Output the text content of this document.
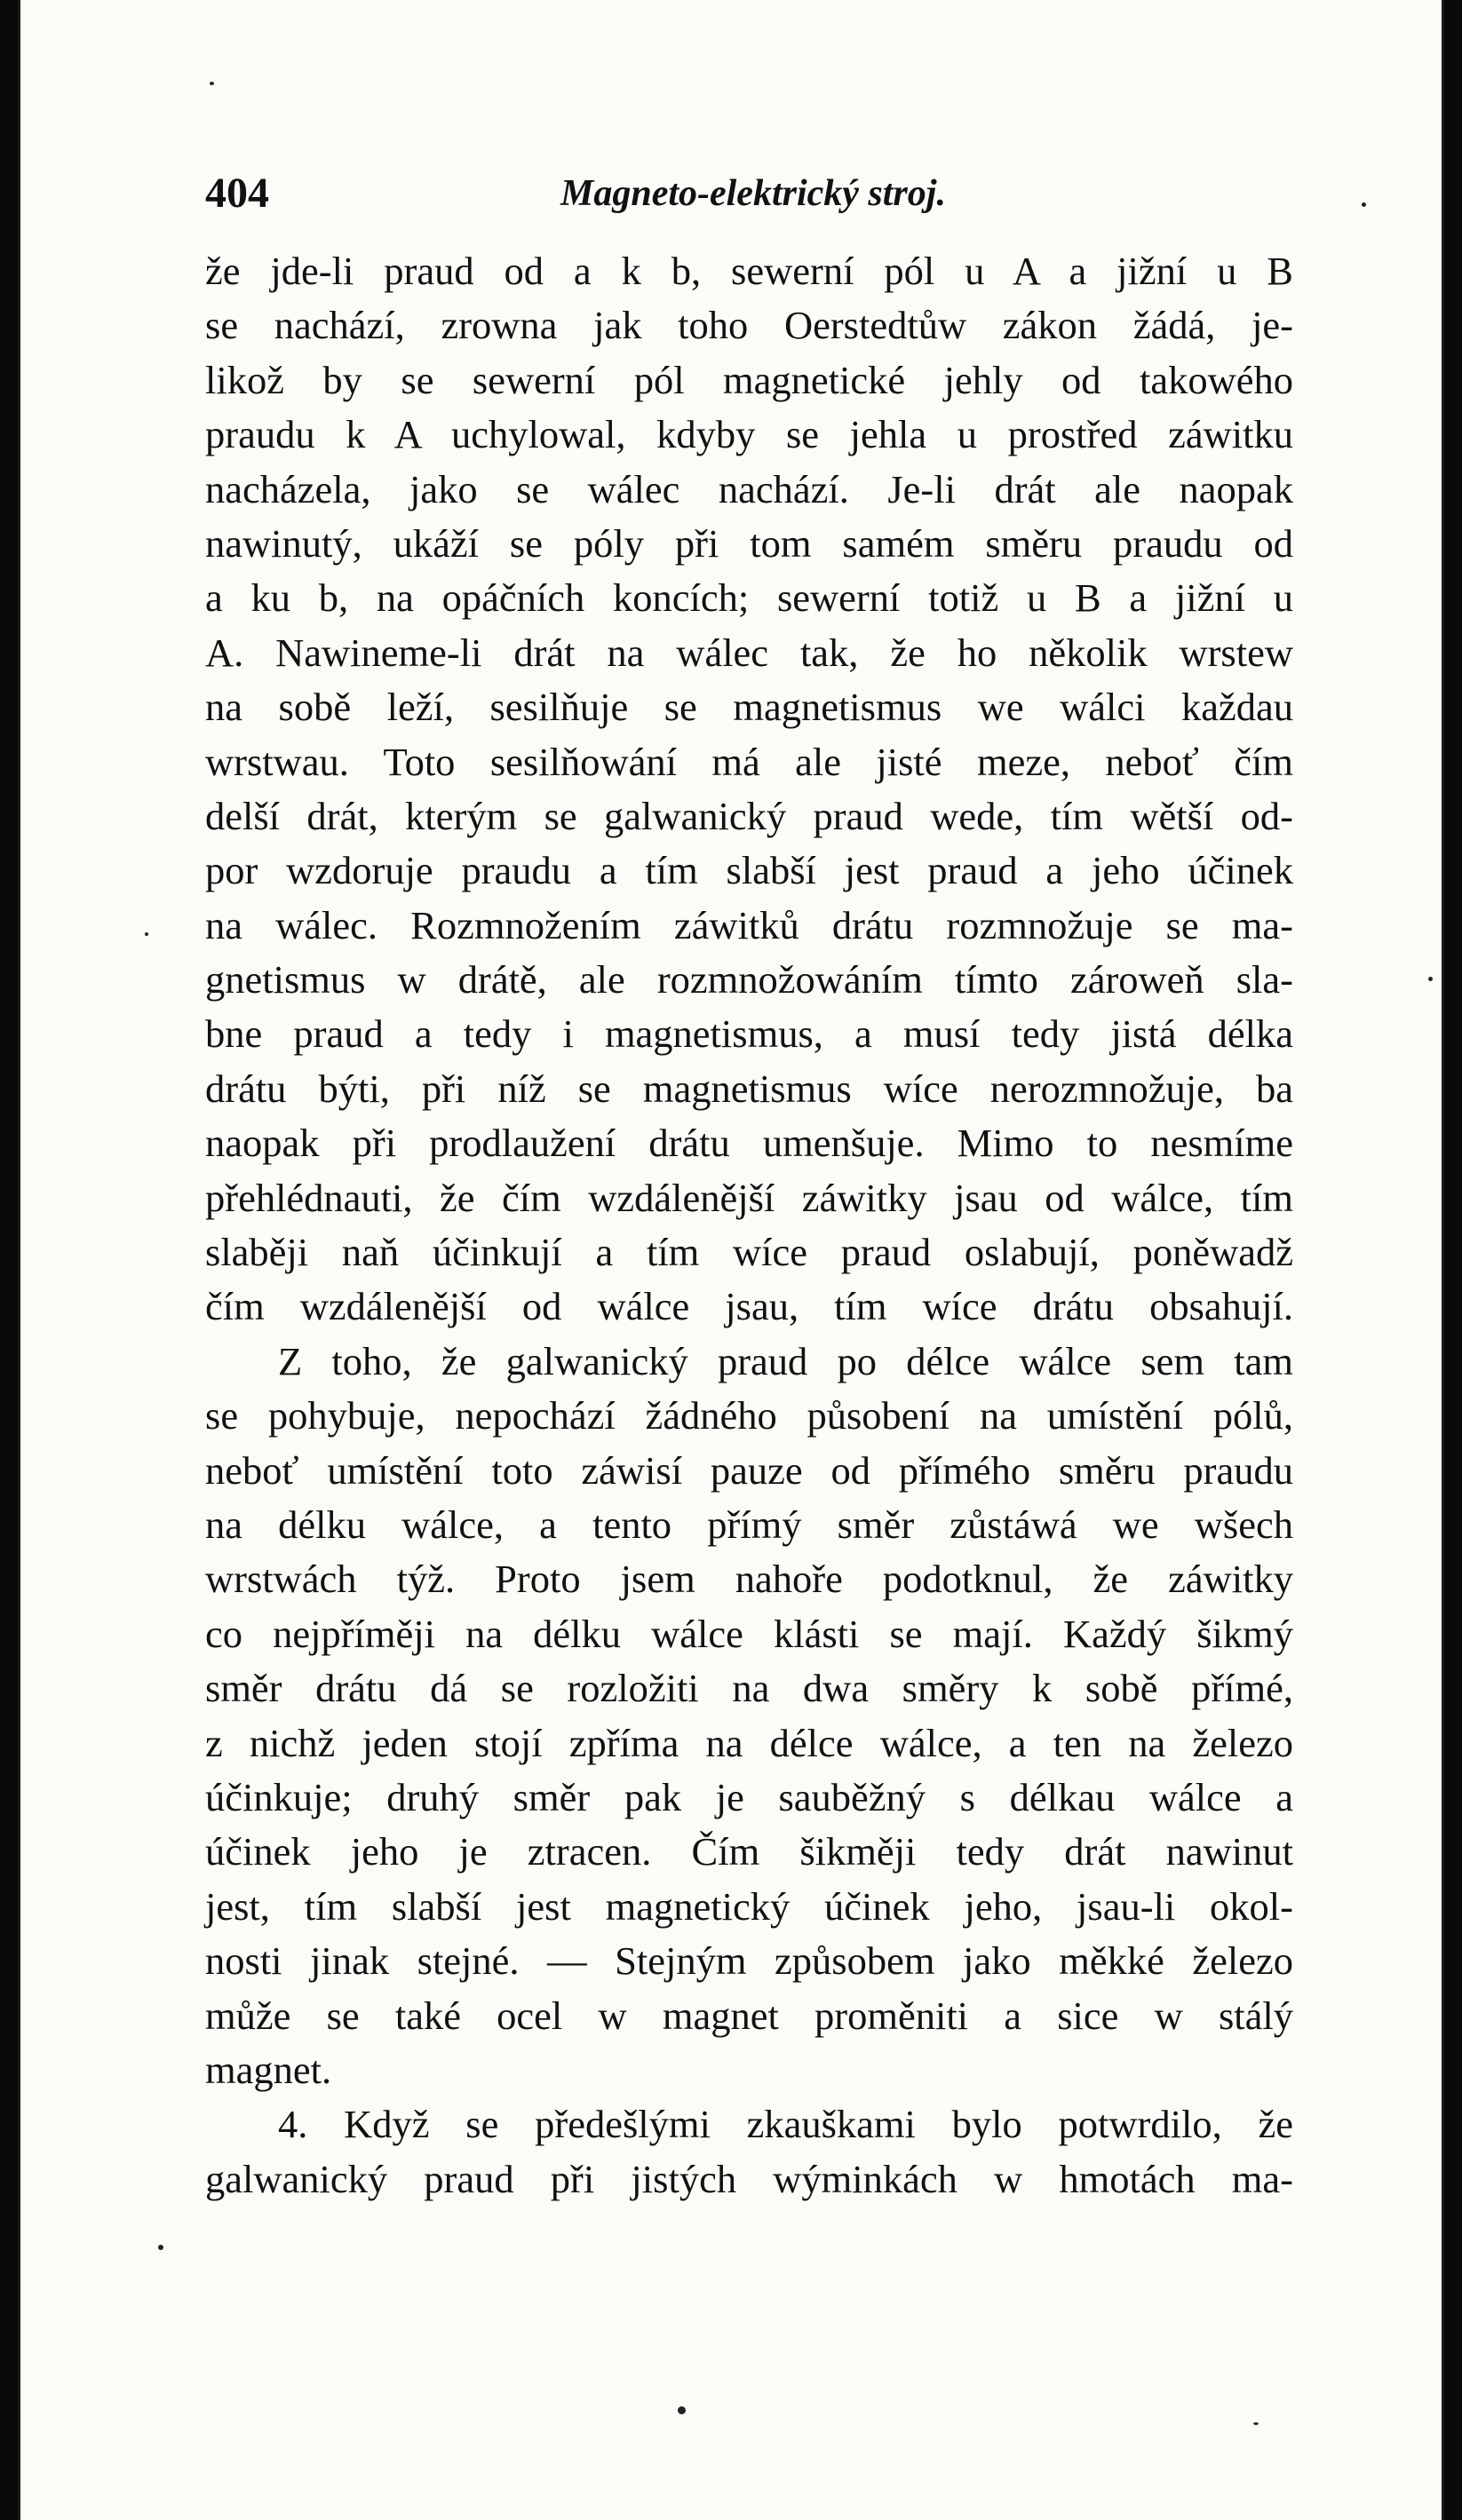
404	Magneto-elektrický stroj.
že jde-li praud od a k b, sewerní pól u A a jižní u B
se nachází, zrowna jak toho Oerstedtůw zákon žádá, je-
likož by se sewerní pól magnetické jehly od takowého
praudu k A uchylowal, kdyby se jehla u prostřed záwitku
nacházela, jako se wálec nachází. Je-li drát ale naopak
nawinutý, ukáží se póly při tom samém směru praudu od
a ku b, na opáčních koncích; sewerní totiž u B a jižní u
A. Nawineme-li drát na wálec tak, že ho několik wrstew
na sobě leží, sesilňuje se magnetismus we wálci každau
wrstwau. Toto sesilňowání má ale jisté meze, neboť čím
delší drát, kterým se galwanický praud wede, tím wětší od-
por wzdoruje praudu a tím slabší jest praud a jeho účinek
na wálec. Rozmnožením záwitků drátu rozmnožuje se ma-
gnetismus w drátě, ale rozmnožowáním tímto zároweň sla-
bne praud a tedy i magnetismus, a musí tedy jistá délka
drátu býti, při níž se magnetismus wíce nerozmnožuje, ba
naopak při prodlaužení drátu umenšuje. Mimo to nesmíme
přehlédnauti, že čím wzdálenější záwitky jsau od wálce, tím
slaběji naň účinkují a tím wíce praud oslabují, poněwadž
čím wzdálenější od wálce jsau, tím wíce drátu obsahují.
Z toho, že galwanický praud po délce wálce sem tam
se pohybuje, nepochází žádného působení na umístění pólů,
neboť umístění toto záwisí pauze od přímého směru praudu
na délku wálce, a tento přímý směr zůstáwá we wšech
wrstwách týž. Proto jsem nahoře podotknul, že záwitky
co nejpříměji na délku wálce klásti se mají. Každý šikmý
směr drátu dá se rozložiti na dwa směry k sobě přímé,
z nichž jeden stojí zpříma na délce wálce, a ten na železo
účinkuje; druhý směr pak je sauběžný s délkau wálce a
účinek jeho je ztracen. Čím šikměji tedy drát nawinut
jest, tím slabší jest magnetický účinek jeho, jsau-li okol-
nosti jinak stejné. — Stejným způsobem jako měkké železo
může se také ocel w magnet proměniti a sice w stálý
magnet.
4. Když se předešlými zkauškami bylo potwrdilo, že
galwanický praud při jistých wýminkách w hmotách ma-
